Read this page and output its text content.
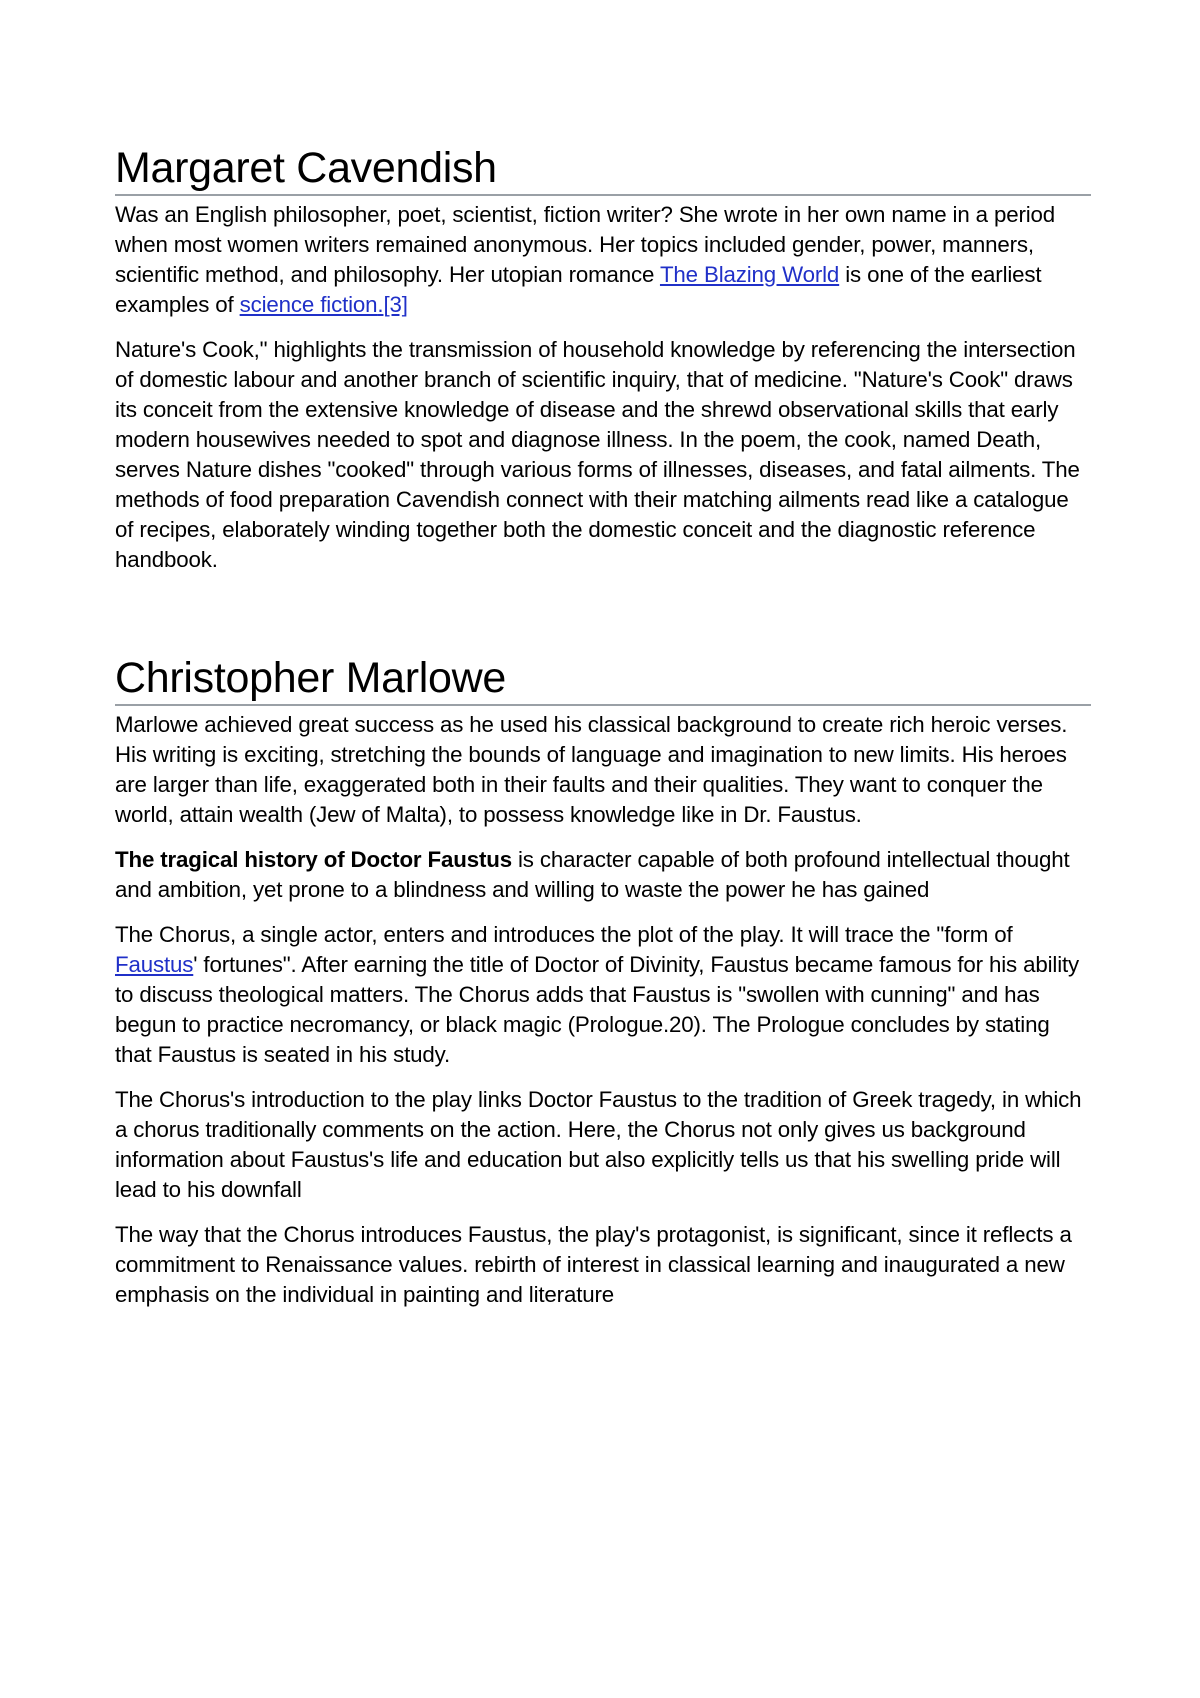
Margaret Cavendish

Was an English philosopher, poet, scientist, fiction writer? She wrote in her own name in a period when most women writers remained anonymous. Her topics included gender, power, manners, scientific method, and philosophy. Her utopian romance The Blazing World is one of the earliest examples of science fiction.[3]

Nature's Cook," highlights the transmission of household knowledge by referencing the intersection of domestic labour and another branch of scientific inquiry, that of medicine. "Nature's Cook" draws its conceit from the extensive knowledge of disease and the shrewd observational skills that early modern housewives needed to spot and diagnose illness. In the poem, the cook, named Death, serves Nature dishes "cooked" through various forms of illnesses, diseases, and fatal ailments. The methods of food preparation Cavendish connect with their matching ailments read like a catalogue of recipes, elaborately winding together both the domestic conceit and the diagnostic reference handbook.

Christopher Marlowe

Marlowe achieved great success as he used his classical background to create rich heroic verses. His writing is exciting, stretching the bounds of language and imagination to new limits. His heroes are larger than life, exaggerated both in their faults and their qualities. They want to conquer the world, attain wealth (Jew of Malta), to possess knowledge like in Dr. Faustus.

The tragical history of Doctor Faustus is character capable of both profound intellectual thought and ambition, yet prone to a blindness and willing to waste the power he has gained

The Chorus, a single actor, enters and introduces the plot of the play. It will trace the "form of Faustus' fortunes". After earning the title of Doctor of Divinity, Faustus became famous for his ability to discuss theological matters. The Chorus adds that Faustus is "swollen with cunning" and has begun to practice necromancy, or black magic (Prologue.20). The Prologue concludes by stating that Faustus is seated in his study.

The Chorus's introduction to the play links Doctor Faustus to the tradition of Greek tragedy, in which a chorus traditionally comments on the action. Here, the Chorus not only gives us background information about Faustus's life and education but also explicitly tells us that his swelling pride will lead to his downfall

The way that the Chorus introduces Faustus, the play's protagonist, is significant, since it reflects a commitment to Renaissance values. rebirth of interest in classical learning and inaugurated a new emphasis on the individual in painting and literature
